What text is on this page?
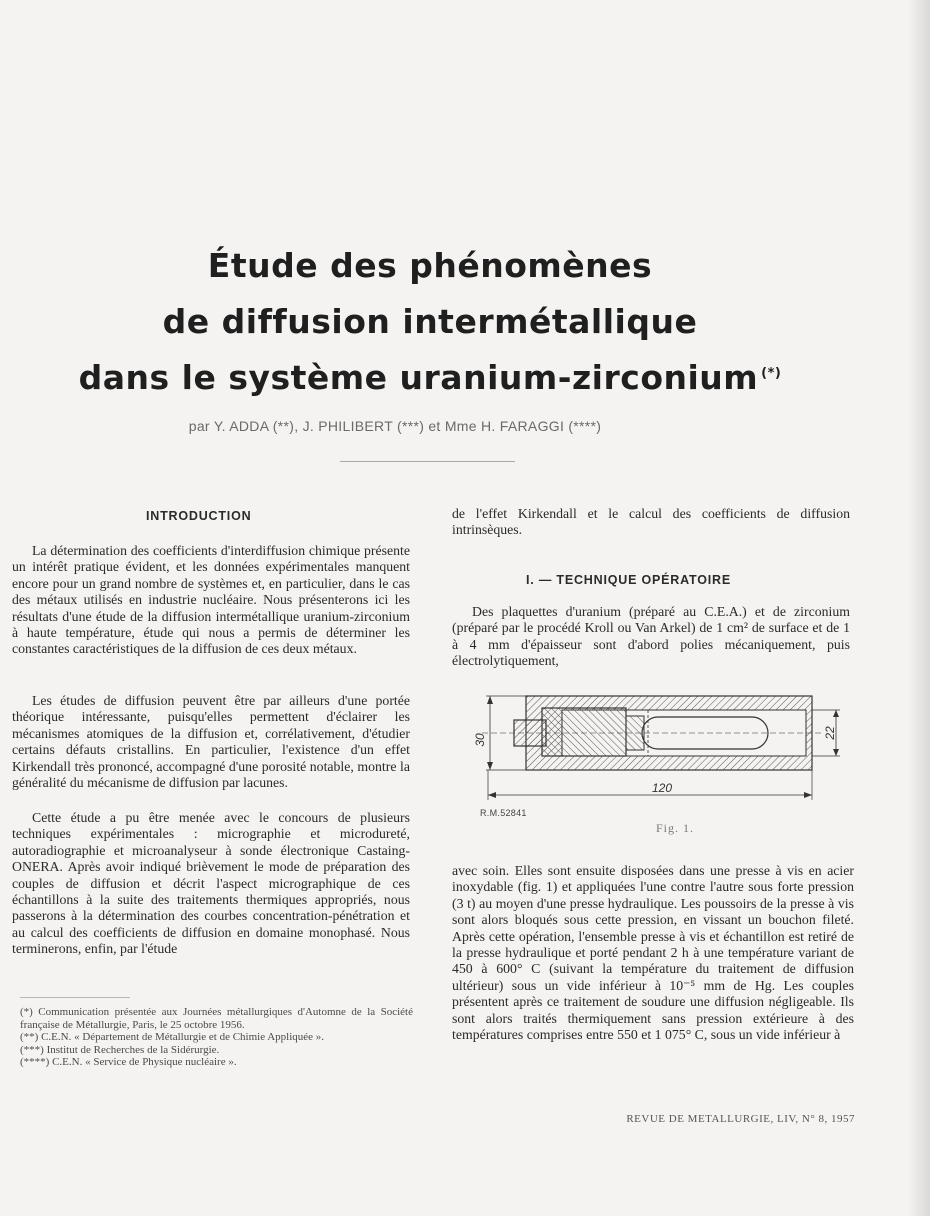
Étude des phénomènes
de diffusion intermétallique
dans le système uranium-zirconium (*)
par Y. ADDA (**), J. PHILIBERT (***) et Mme H. FARAGGI (****)
INTRODUCTION

La détermination des coefficients d'interdiffusion chimique présente un intérêt pratique évident, et les données expérimentales manquent encore pour un grand nombre de systèmes et, en particulier, dans le cas des métaux utilisés en industrie nucléaire. Nous présenterons ici les résultats d'une étude de la diffusion intermétallique uranium-zirconium à haute température, étude qui nous a permis de déterminer les constantes caractéristiques de la diffusion de ces deux métaux.

Les études de diffusion peuvent être par ailleurs d'une portée théorique intéressante, puisqu'elles permettent d'éclairer les mécanismes atomiques de la diffusion et, corrélativement, d'étudier certains défauts cristallins. En particulier, l'existence d'un effet Kirkendall très prononcé, accompagné d'une porosité notable, montre la généralité du mécanisme de diffusion par lacunes.

Cette étude a pu être menée avec le concours de plusieurs techniques expérimentales : micrographie et microdureté, autoradiographie et microanalyseur à sonde électronique Castaing-ONERA. Après avoir indiqué brièvement le mode de préparation des couples de diffusion et décrit l'aspect micrographique de ces échantillons à la suite des traitements thermiques appropriés, nous passerons à la détermination des courbes concentration-pénétration et au calcul des coefficients de diffusion en domaine monophasé. Nous terminerons, enfin, par l'étude

(*) Communication présentée aux Journées métallurgiques d'Automne de la Société française de Métallurgie, Paris, le 25 octobre 1956.

(**) C.E.N. « Département de Métallurgie et de Chimie Appliquée ».

(***) Institut de Recherches de la Sidérurgie.

(****) C.E.N. « Service de Physique nucléaire ».

de l'effet Kirkendall et le calcul des coefficients de diffusion intrinsèques.

I. — TECHNIQUE OPÉRATOIRE

Des plaquettes d'uranium (préparé au C.E.A.) et de zirconium (préparé par le procédé Kroll ou Van Arkel) de 1 cm² de surface et de 1 à 4 mm d'épaisseur sont d'abord polies mécaniquement, puis électrolytiquement,

30
22
120
R.M.52841
Fig. 1.

avec soin. Elles sont ensuite disposées dans une presse à vis en acier inoxydable (fig. 1) et appliquées l'une contre l'autre sous forte pression (3 t) au moyen d'une presse hydraulique. Les poussoirs de la presse à vis sont alors bloqués sous cette pression, en vissant un bouchon fileté. Après cette opération, l'ensemble presse à vis et échantillon est retiré de la presse hydraulique et porté pendant 2 h à une température variant de 450 à 600° C (suivant la température du traitement de diffusion ultérieur) sous un vide inférieur à 10⁻⁵ mm de Hg. Les couples présentent après ce traitement de soudure une diffusion négligeable. Ils sont alors traités thermiquement sans pression extérieure à des températures comprises entre 550 et 1 075° C, sous un vide inférieur à

REVUE DE METALLURGIE, LIV, N° 8, 1957
